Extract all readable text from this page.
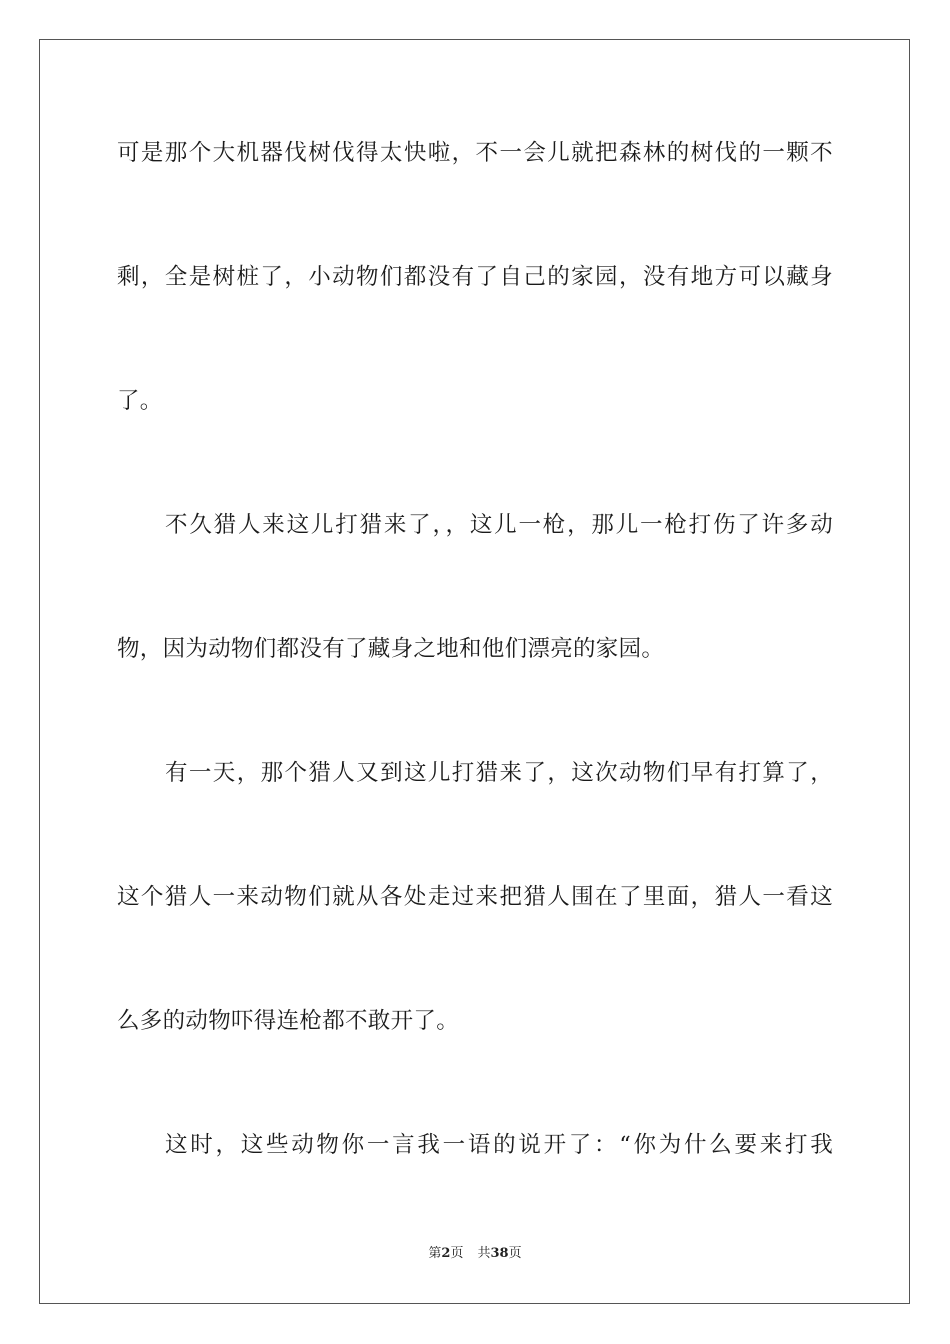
可是那个大机器伐树伐得太快啦，不一会儿就把森林的树伐的一颗不
剩，全是树桩了，小动物们都没有了自己的家园，没有地方可以藏身
了。
不久猎人来这儿打猎来了，，这儿一枪，那儿一枪打伤了许多动
物，因为动物们都没有了藏身之地和他们漂亮的家园。
有一天，那个猎人又到这儿打猎来了，这次动物们早有打算了，
这个猎人一来动物们就从各处走过来把猎人围在了里面，猎人一看这
么多的动物吓得连枪都不敢开了。
这时，这些动物你一言我一语的说开了：“你为什么要来打我
第2页 共38页
